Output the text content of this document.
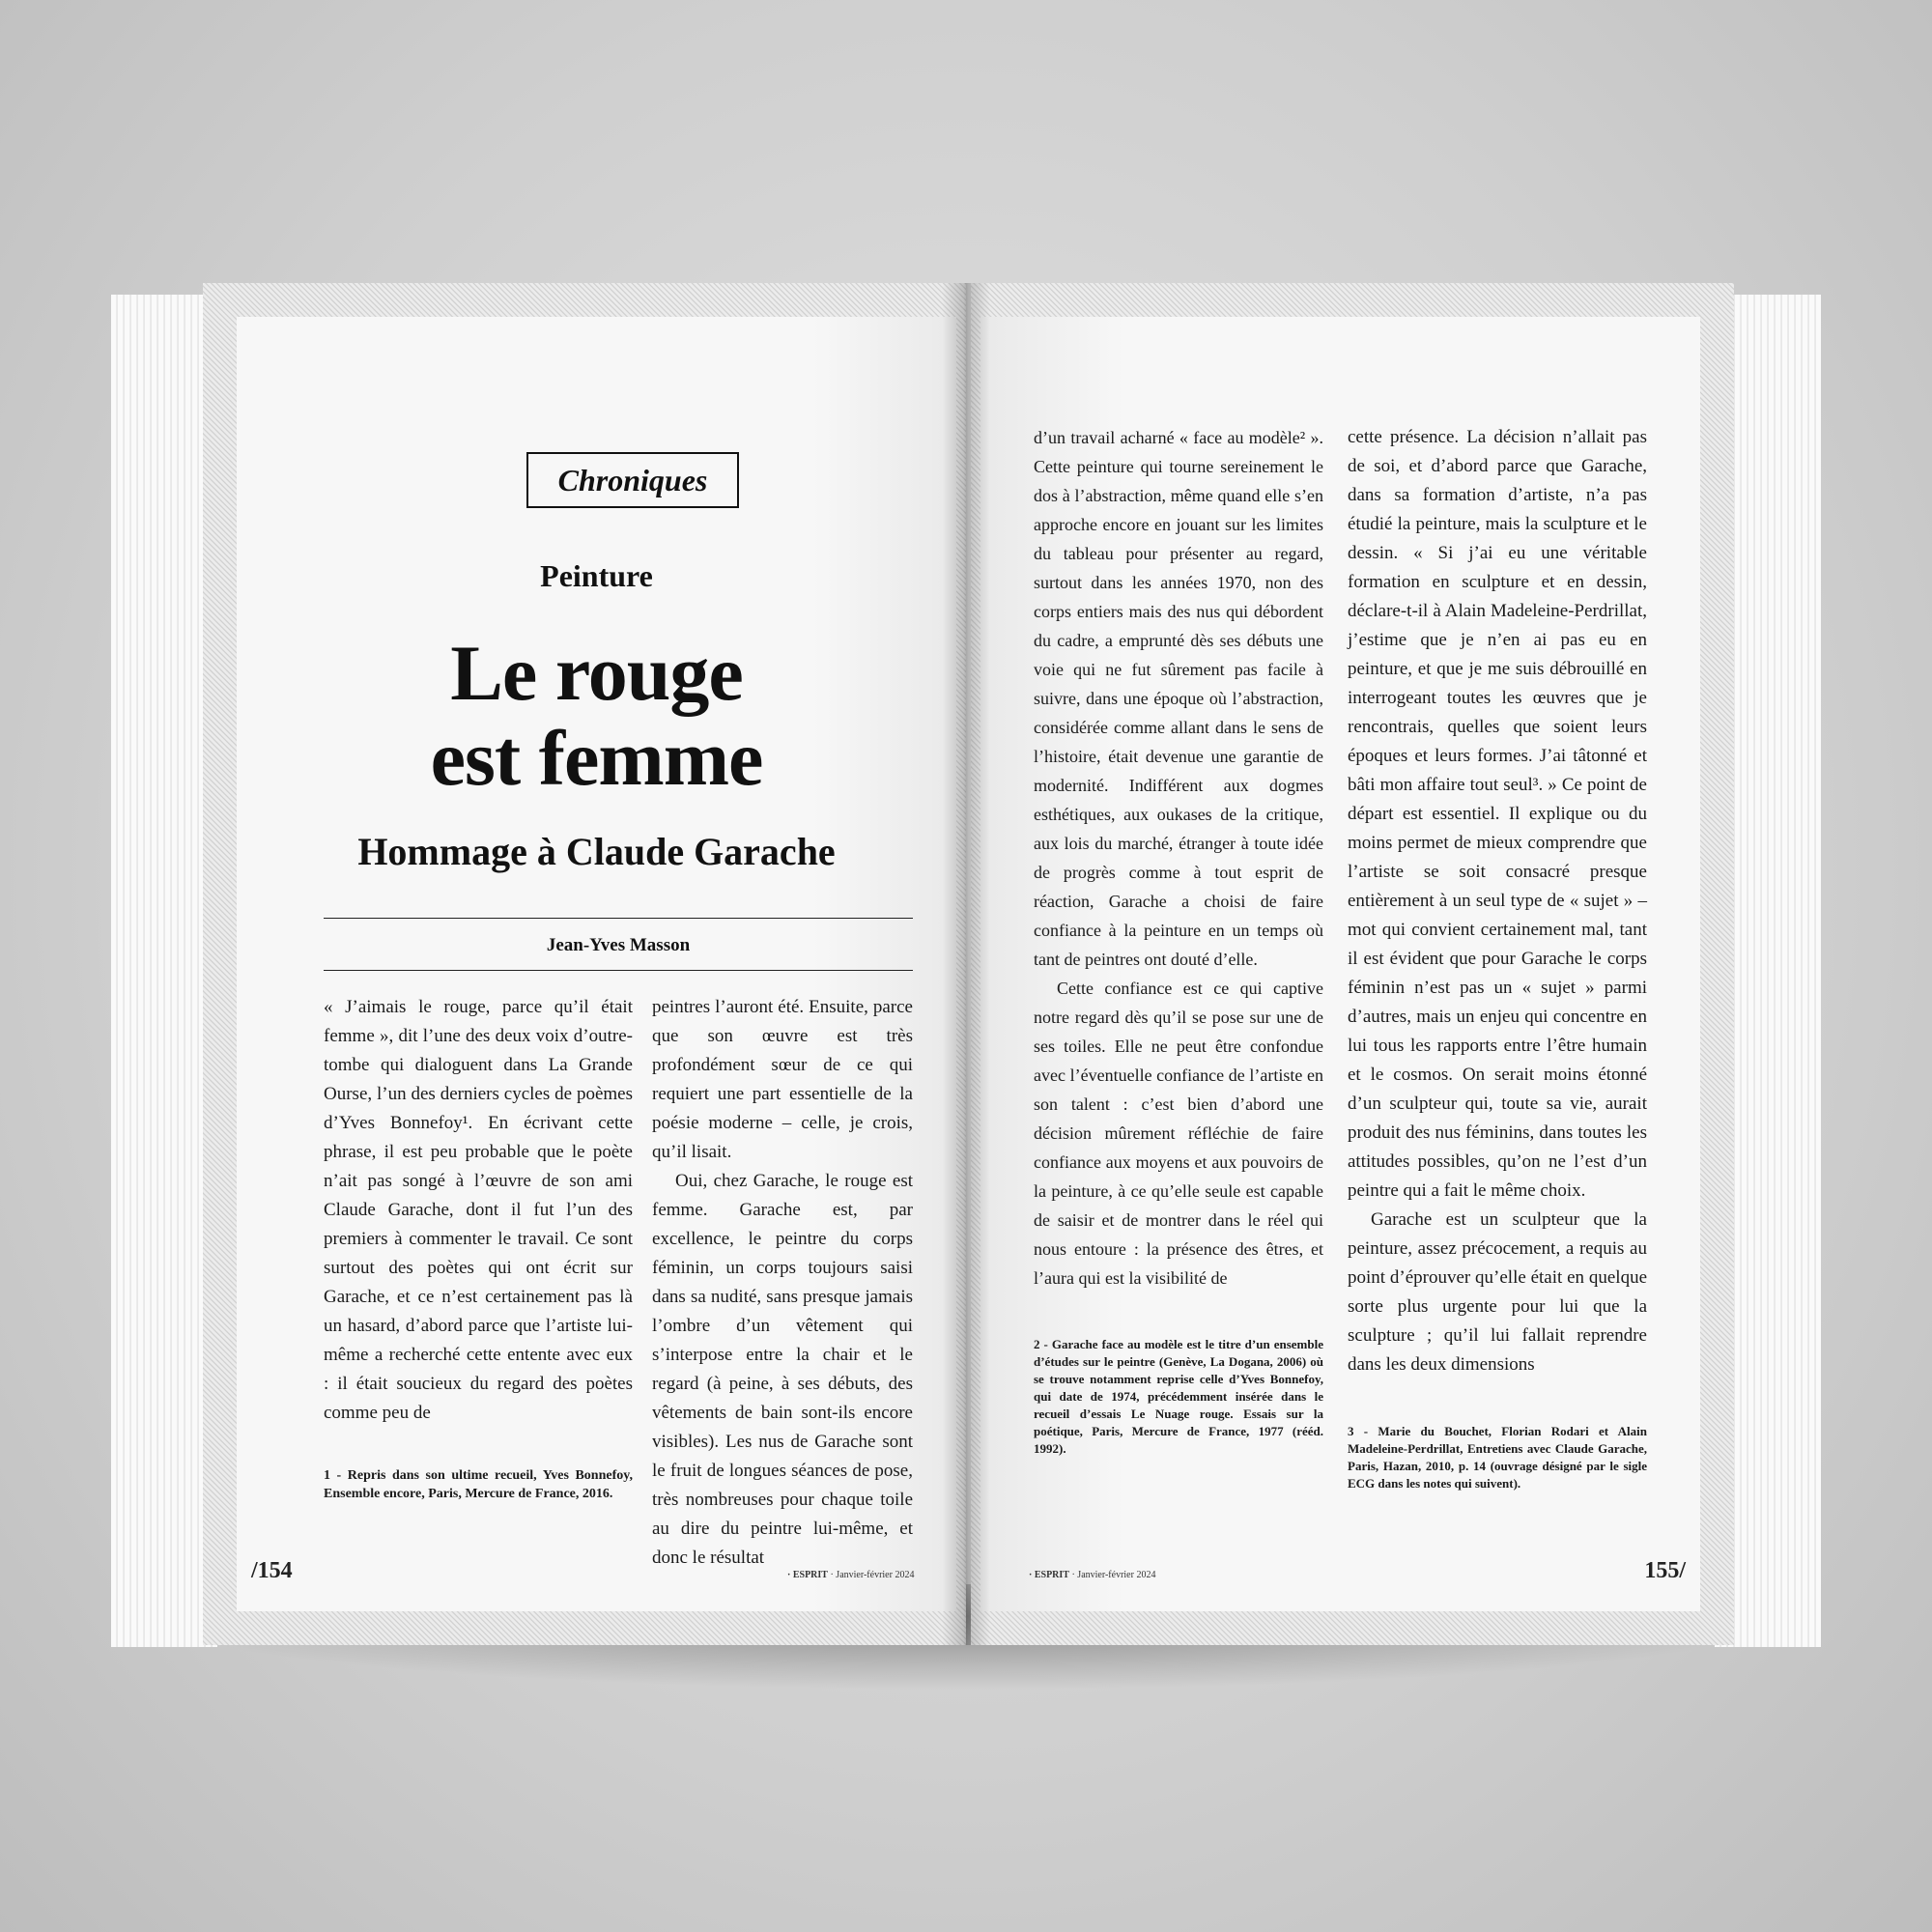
Chroniques
Peinture
Le rouge
est femme
Hommage à Claude Garache
Jean-Yves Masson

« J’aimais le rouge, parce qu’il était femme », dit l’une des deux voix d’outre-tombe qui dialoguent dans La Grande Ourse, l’un des derniers cycles de poèmes d’Yves Bonnefoy¹. En écrivant cette phrase, il est peu probable que le poète n’ait pas songé à l’œuvre de son ami Claude Garache, dont il fut l’un des premiers à commenter le travail. Ce sont surtout des poètes qui ont écrit sur Garache, et ce n’est certainement pas là un hasard, d’abord parce que l’artiste lui-même a recherché cette entente avec eux : il était soucieux du regard des poètes comme peu de

peintres l’auront été. Ensuite, parce que son œuvre est très profondément sœur de ce qui requiert une part essentielle de la poésie moderne – celle, je crois, qu’il lisait.

Oui, chez Garache, le rouge est femme. Garache est, par excellence, le peintre du corps féminin, un corps toujours saisi dans sa nudité, sans presque jamais l’ombre d’un vêtement qui s’interpose entre la chair et le regard (à peine, à ses débuts, des vêtements de bain sont-ils encore visibles). Les nus de Garache sont le fruit de longues séances de pose, très nombreuses pour chaque toile au dire du peintre lui-même, et donc le résultat

1 - Repris dans son ultime recueil, Yves Bonnefoy, Ensemble encore, Paris, Mercure de France, 2016.
/154	· ESPRIT · Janvier-février 2024

d’un travail acharné « face au modèle² ». Cette peinture qui tourne sereinement le dos à l’abstraction, même quand elle s’en approche encore en jouant sur les limites du tableau pour présenter au regard, surtout dans les années 1970, non des corps entiers mais des nus qui débordent du cadre, a emprunté dès ses débuts une voie qui ne fut sûrement pas facile à suivre, dans une époque où l’abstraction, considérée comme allant dans le sens de l’histoire, était devenue une garantie de modernité. Indifférent aux dogmes esthétiques, aux oukases de la critique, aux lois du marché, étranger à toute idée de progrès comme à tout esprit de réaction, Garache a choisi de faire confiance à la peinture en un temps où tant de peintres ont douté d’elle.

Cette confiance est ce qui captive notre regard dès qu’il se pose sur une de ses toiles. Elle ne peut être confondue avec l’éventuelle confiance de l’artiste en son talent : c’est bien d’abord une décision mûrement réfléchie de faire confiance aux moyens et aux pouvoirs de la peinture, à ce qu’elle seule est capable de saisir et de montrer dans le réel qui nous entoure : la présence des êtres, et l’aura qui est la visibilité de

cette présence. La décision n’allait pas de soi, et d’abord parce que Garache, dans sa formation d’artiste, n’a pas étudié la peinture, mais la sculpture et le dessin. « Si j’ai eu une véritable formation en sculpture et en dessin, déclare-t-il à Alain Madeleine-Perdrillat, j’estime que je n’en ai pas eu en peinture, et que je me suis débrouillé en interrogeant toutes les œuvres que je rencontrais, quelles que soient leurs époques et leurs formes. J’ai tâtonné et bâti mon affaire tout seul³. » Ce point de départ est essentiel. Il explique ou du moins permet de mieux comprendre que l’artiste se soit consacré presque entièrement à un seul type de « sujet » – mot qui convient certainement mal, tant il est évident que pour Garache le corps féminin n’est pas un « sujet » parmi d’autres, mais un enjeu qui concentre en lui tous les rapports entre l’être humain et le cosmos. On serait moins étonné d’un sculpteur qui, toute sa vie, aurait produit des nus féminins, dans toutes les attitudes possibles, qu’on ne l’est d’un peintre qui a fait le même choix.

Garache est un sculpteur que la peinture, assez précocement, a requis au point d’éprouver qu’elle était en quelque sorte plus urgente pour lui que la sculpture ; qu’il lui fallait reprendre dans les deux dimensions

2 - Garache face au modèle est le titre d’un ensemble d’études sur le peintre (Genève, La Dogana, 2006) où se trouve notamment reprise celle d’Yves Bonnefoy, qui date de 1974, précédemment insérée dans le recueil d’essais Le Nuage rouge. Essais sur la poétique, Paris, Mercure de France, 1977 (rééd. 1992).
3 - Marie du Bouchet, Florian Rodari et Alain Madeleine-Perdrillat, Entretiens avec Claude Garache, Paris, Hazan, 2010, p. 14 (ouvrage désigné par le sigle ECG dans les notes qui suivent).
· ESPRIT · Janvier-février 2024	155/
